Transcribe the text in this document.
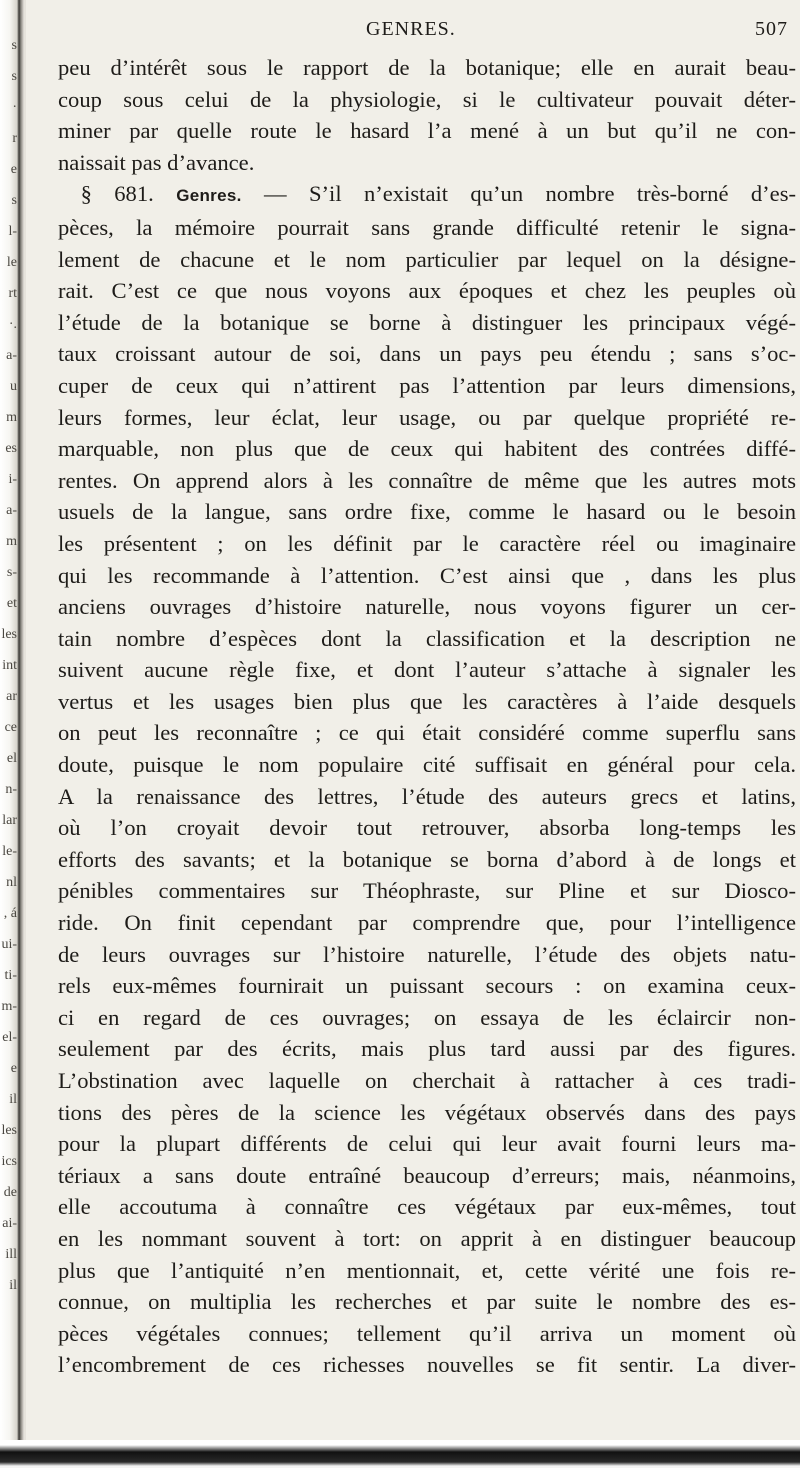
s
s
·
r
e
s
l-
le
rt
·.
a-
u
m
es
i-
a-
m
s-
et
les
int
ar
ce
el
n-
lar
le-
nl
, á
ui-
ti-
m-
el-
e
il
les
ics
de
ai-
ill
il
GENRES.	507
peu d’intérêt sous le rapport de la botanique; elle en aurait beau-
coup sous celui de la physiologie, si le cultivateur pouvait déter-
miner par quelle route le hasard l’a mené à un but qu’il ne con-
naissait pas d’avance.
 § 681. Genres. — S’il n’existait qu’un nombre très-borné d’es-
pèces, la mémoire pourrait sans grande difficulté retenir le signa-
lement de chacune et le nom particulier par lequel on la désigne-
rait. C’est ce que nous voyons aux époques et chez les peuples où
l’étude de la botanique se borne à distinguer les principaux végé-
taux croissant autour de soi, dans un pays peu étendu ; sans s’oc-
cuper de ceux qui n’attirent pas l’attention par leurs dimensions,
leurs formes, leur éclat, leur usage, ou par quelque propriété re-
marquable, non plus que de ceux qui habitent des contrées diffé-
rentes. On apprend alors à les connaître de même que les autres mots
usuels de la langue, sans ordre fixe, comme le hasard ou le besoin
les présentent ; on les définit par le caractère réel ou imaginaire
qui les recommande à l’attention. C’est ainsi que , dans les plus
anciens ouvrages d’histoire naturelle, nous voyons figurer un cer-
tain nombre d’espèces dont la classification et la description ne
suivent aucune règle fixe, et dont l’auteur s’attache à signaler les
vertus et les usages bien plus que les caractères à l’aide desquels
on peut les reconnaître ; ce qui était considéré comme superflu sans
doute, puisque le nom populaire cité suffisait en général pour cela.
A la renaissance des lettres, l’étude des auteurs grecs et latins,
où l’on croyait devoir tout retrouver, absorba long-temps les
efforts des savants; et la botanique se borna d’abord à de longs et
pénibles commentaires sur Théophraste, sur Pline et sur Diosco-
ride. On finit cependant par comprendre que, pour l’intelligence
de leurs ouvrages sur l’histoire naturelle, l’étude des objets natu-
rels eux-mêmes fournirait un puissant secours : on examina ceux-
ci en regard de ces ouvrages; on essaya de les éclaircir non-
seulement par des écrits, mais plus tard aussi par des figures.
L’obstination avec laquelle on cherchait à rattacher à ces tradi-
tions des pères de la science les végétaux observés dans des pays
pour la plupart différents de celui qui leur avait fourni leurs ma-
tériaux a sans doute entraîné beaucoup d’erreurs; mais, néanmoins,
elle accoutuma à connaître ces végétaux par eux-mêmes, tout
en les nommant souvent à tort: on apprit à en distinguer beaucoup
plus que l’antiquité n’en mentionnait, et, cette vérité une fois re-
connue, on multiplia les recherches et par suite le nombre des es-
pèces végétales connues; tellement qu’il arriva un moment où
l’encombrement de ces richesses nouvelles se fit sentir. La diver-
